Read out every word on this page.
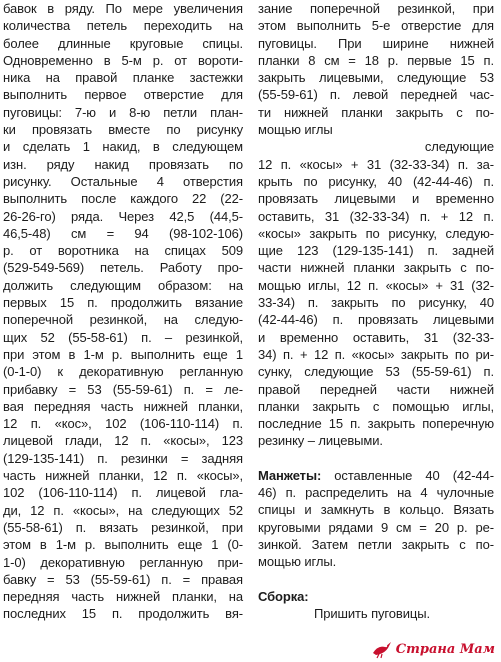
бавок в ряду. По мере увеличения
количества петель переходить на
более длинные круговые спицы.
Одновременно в 5-м р. от вороти-
ника на правой планке застежки
выполнить первое отверстие для
пуговицы: 7-ю и 8-ю петли план-
ки провязать вместе по рисунку
и сделать 1 накид, в следующем
изн. ряду накид провязать по
рисунку. Остальные 4 отверстия
выполнить после каждого 22 (22-
26-26-го) ряда. Через 42,5 (44,5-
46,5-48) см = 94 (98-102-106)
р. от воротника на спицах 509
(529-549-569) петель. Работу про-
должить следующим образом: на
первых 15 п. продолжить вязание
поперечной резинкой, на следую-
щих 52 (55-58-61) п. – резинкой,
при этом в 1-м р. выполнить еще 1
(0-1-0) к декоративную регланную
прибавку = 53 (55-59-61) п. = ле-
вая передняя часть нижней планки,
12 п. «кос», 102 (106-110-114) п.
лицевой глади, 12 п. «косы», 123
(129-135-141) п. резинки = задняя
часть нижней планки, 12 п. «косы»,
102 (106-110-114) п. лицевой гла-
ди, 12 п. «косы», на следующих 52
(55-58-61) п. вязать резинкой, при
этом в 1-м р. выполнить еще 1 (0-
1-0) декоративную регланную при-
бавку = 53 (55-59-61) п. = правая
передняя часть нижней планки, на
последних 15 п. продолжить вя-
зание поперечной резинкой, при
этом выполнить 5-е отверстие для
пуговицы. При ширине нижней
планки 8 см = 18 р. первые 15 п.
закрыть лицевыми, следующие 53
(55-59-61) п. левой передней час-
ти нижней планки закрыть с по-
мощью иглы
следующие
12 п. «косы» + 31 (32-33-34) п. за-
крыть по рисунку, 40 (42-44-46) п.
провязать лицевыми и временно
оставить, 31 (32-33-34) п. + 12 п.
«косы» закрыть по рисунку, следую-
щие 123 (129-135-141) п. задней
части нижней планки закрыть с по-
мощью иглы, 12 п. «косы» + 31 (32-
33-34) п. закрыть по рисунку, 40
(42-44-46) п. провязать лицевыми
и временно оставить, 31 (32-33-
34) п. + 12 п. «косы» закрыть по ри-
сунку, следующие 53 (55-59-61) п.
правой передней части нижней
планки закрыть с помощью иглы,
последние 15 п. закрыть поперечную
резинку – лицевыми.
Манжеты: оставленные 40 (42-44-
46) п. распределить на 4 чулочные
спицы и замкнуть в кольцо. Вязать
круговыми рядами 9 см = 20 р. ре-
зинкой. Затем петли закрыть с по-
мощью иглы.
Сборка:
Пришить пуговицы.
Страна Мам
